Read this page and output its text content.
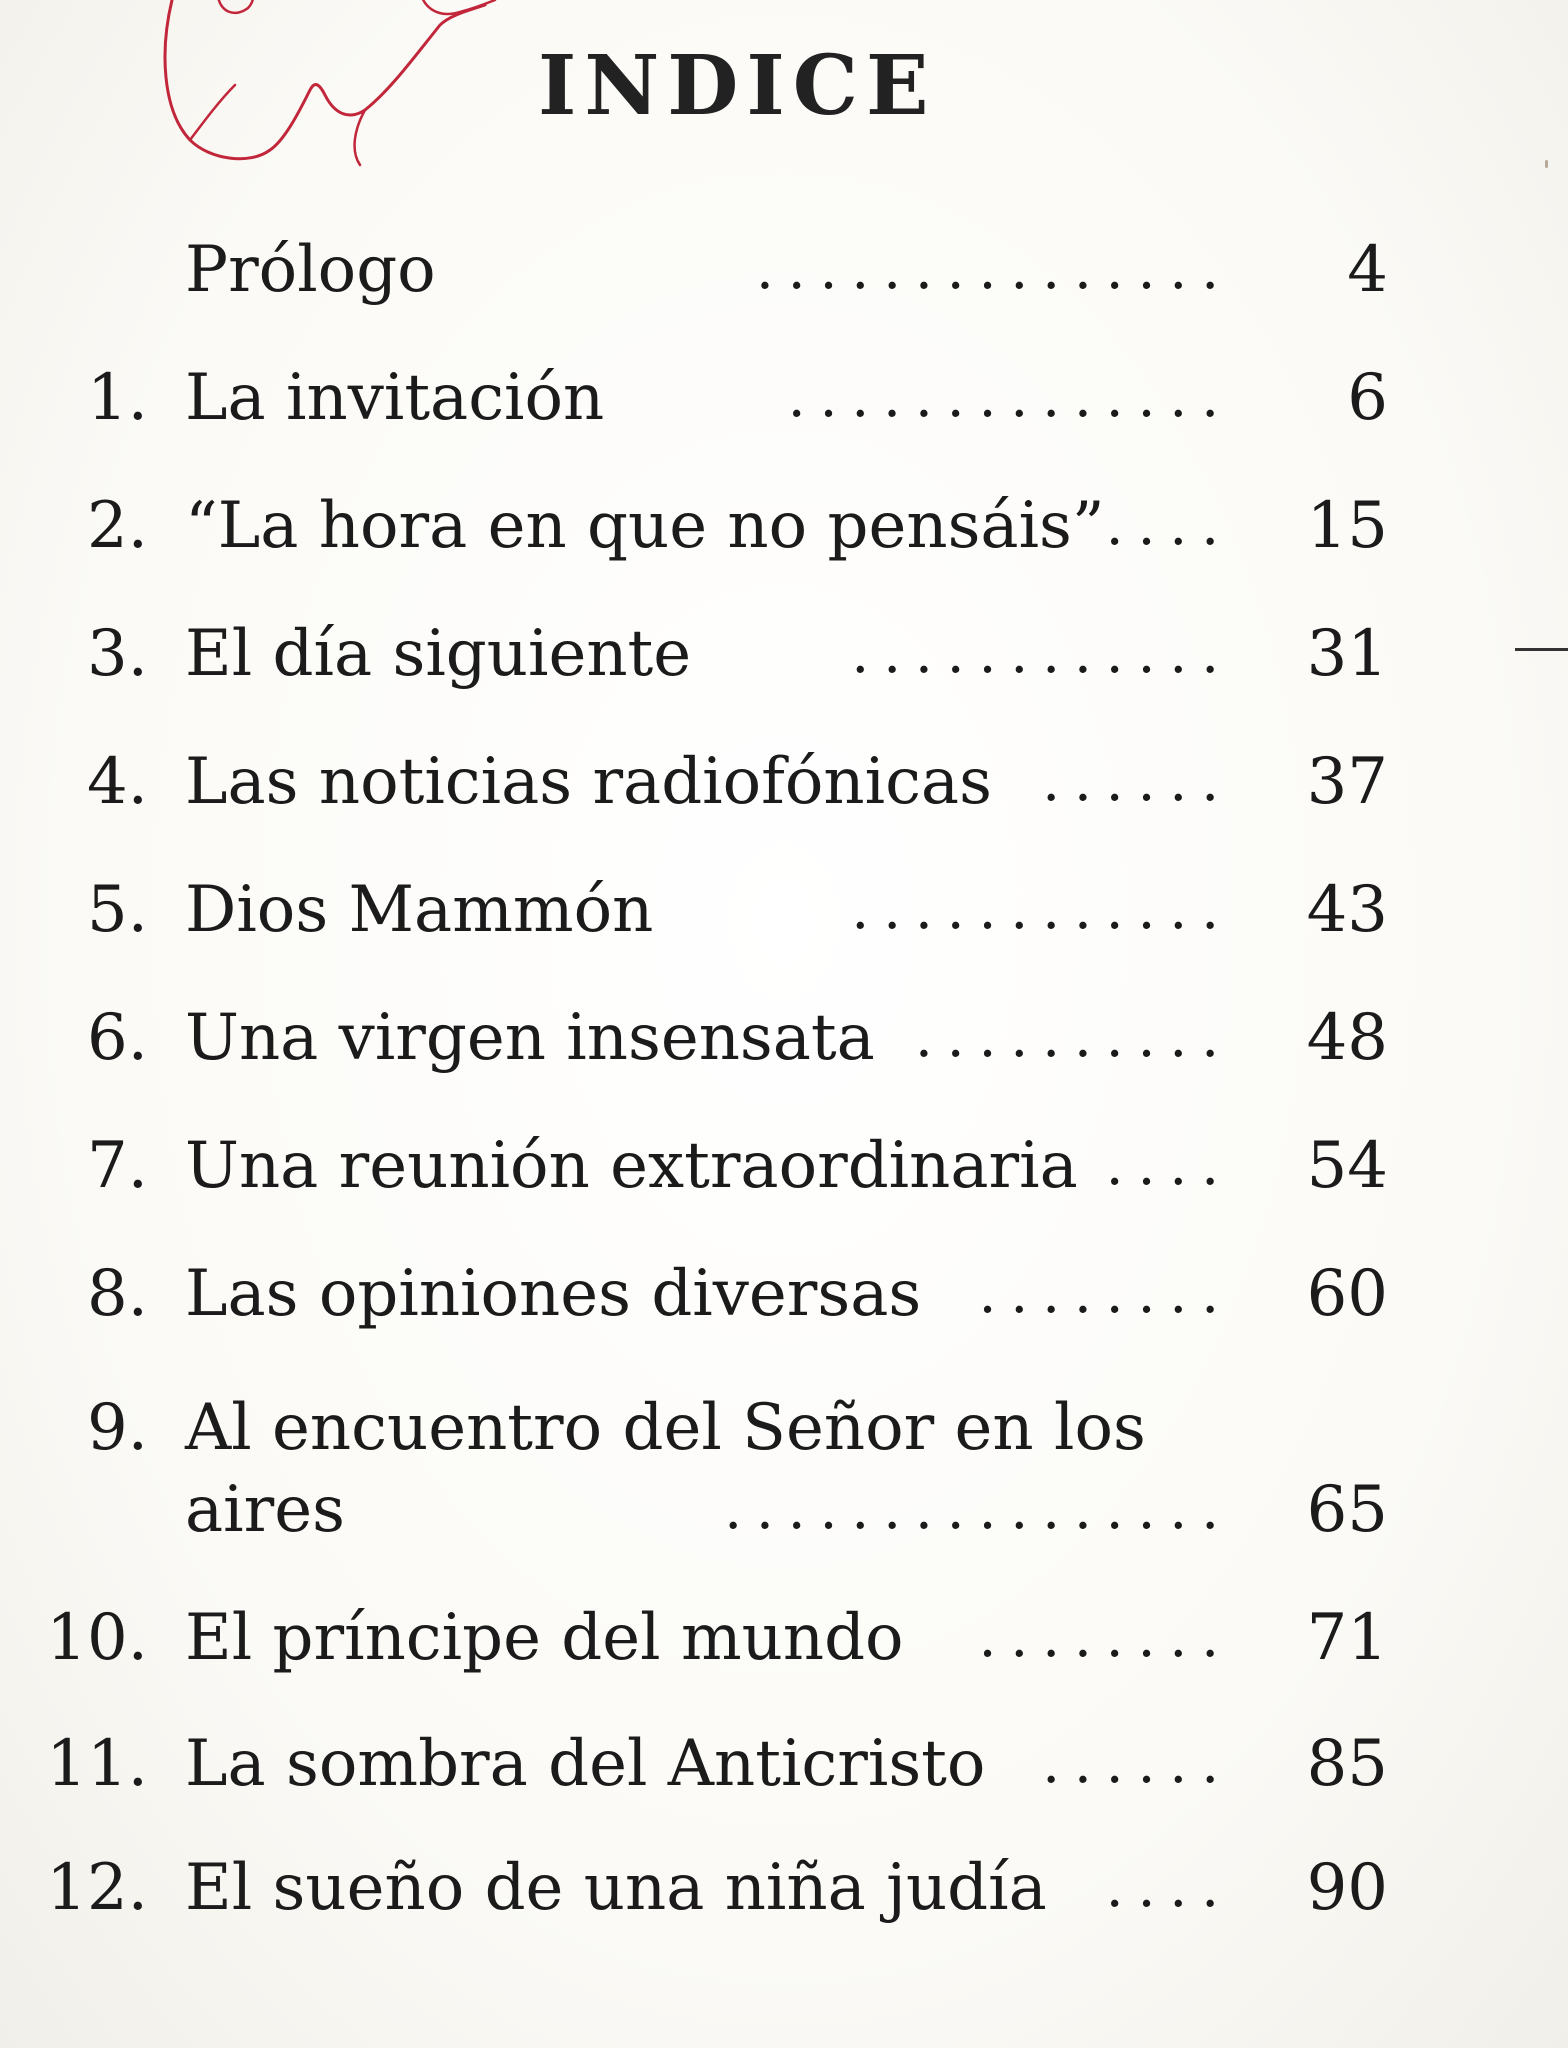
INDICE
Prólogo	............... 4
1. La invitación	.............. 6
2. “La hora en que no pensáis” .... 15
3. El día siguiente	............ 31
4. Las noticias radiofónicas ...... 37
5. Dios Mammón	............ 43
6. Una virgen insensata .......... 48
7. Una reunión extraordinaria .... 54
8. Las opiniones diversas ........ 60
9. Al encuentro del Señor en los
aires	................ 65
10. El príncipe del mundo ........ 71
11. La sombra del Anticristo ...... 85
12. El sueño de una niña judía .... 90
